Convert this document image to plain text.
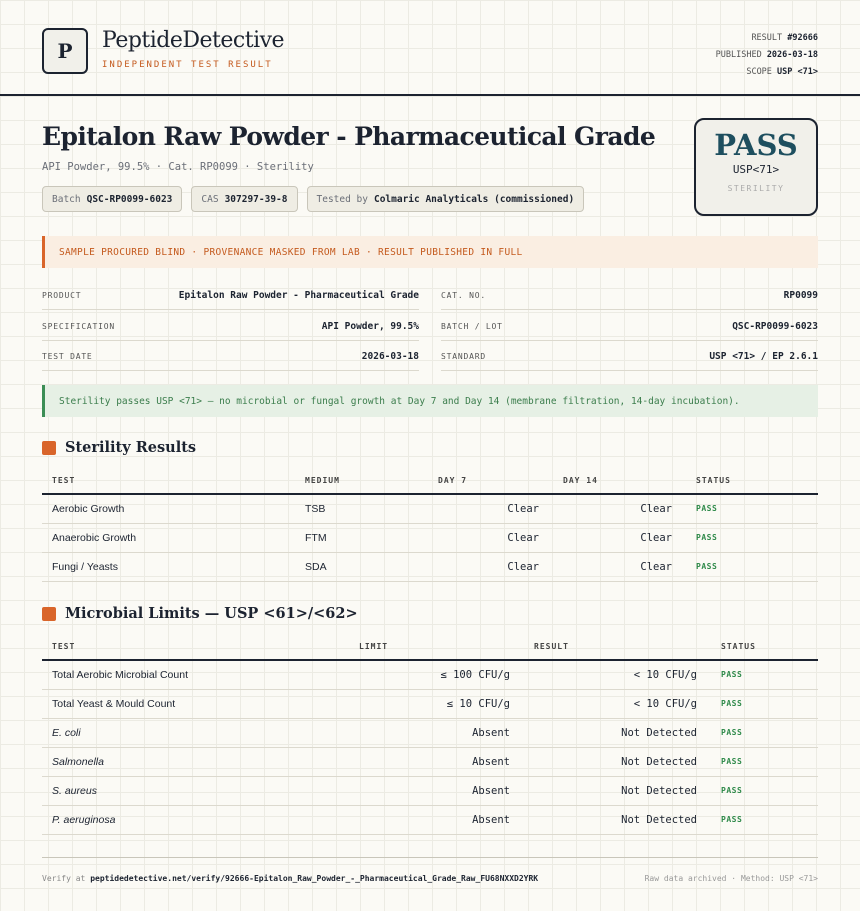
P	PeptideDetective
INDEPENDENT TEST RESULT
RESULT #92666
PUBLISHED 2026-03-18
SCOPE USP <71>
Epitalon Raw Powder - Pharmaceutical Grade
API Powder, 99.5% · Cat. RP0099 · Sterility
Batch QSC-RP0099-6023	CAS 307297-39-8	Tested by Colmaric Analyticals (commissioned)
PASS
USP<71>
STERILITY
SAMPLE PROCURED BLIND · PROVENANCE MASKED FROM LAB · RESULT PUBLISHED IN FULL
PRODUCT	Epitalon Raw Powder - Pharmaceutical Grade	CAT. NO.	RP0099
SPECIFICATION	API Powder, 99.5%	BATCH / LOT	QSC-RP0099-6023
TEST DATE	2026-03-18	STANDARD	USP <71> / EP 2.6.1
Sterility passes USP <71> — no microbial or fungal growth at Day 7 and Day 14 (membrane filtration, 14-day incubation).
Sterility Results
TEST	MEDIUM	DAY 7	DAY 14	STATUS
Aerobic Growth	TSB	Clear	Clear	PASS
Anaerobic Growth	FTM	Clear	Clear	PASS
Fungi / Yeasts	SDA	Clear	Clear	PASS
Microbial Limits — USP <61>/<62>
TEST	LIMIT	RESULT	STATUS
Total Aerobic Microbial Count	≤ 100 CFU/g	< 10 CFU/g	PASS
Total Yeast & Mould Count	≤ 10 CFU/g	< 10 CFU/g	PASS
E. coli	Absent	Not Detected	PASS
Salmonella	Absent	Not Detected	PASS
S. aureus	Absent	Not Detected	PASS
P. aeruginosa	Absent	Not Detected	PASS
Verify at peptidedetective.net/verify/92666-Epitalon_Raw_Powder_-_Pharmaceutical_Grade_Raw_FU68NXXD2YRK	Raw data archived · Method: USP <71>
